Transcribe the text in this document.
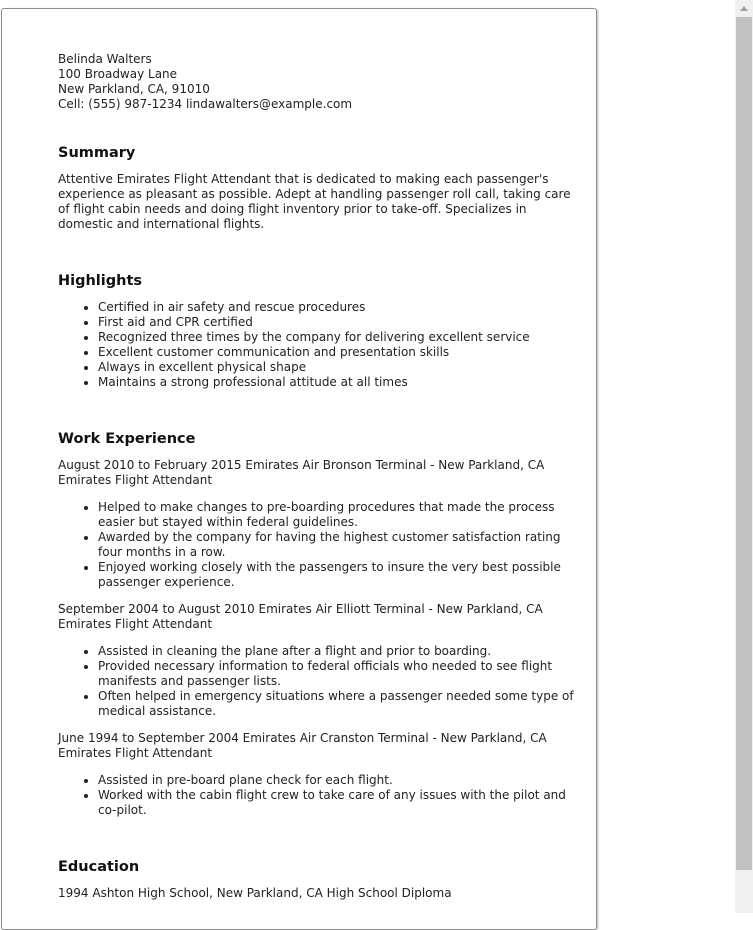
Belinda Walters
100 Broadway Lane
New Parkland, CA, 91010
Cell: (555) 987-1234 lindawalters@example.com
Summary

Attentive Emirates Flight Attendant that is dedicated to making each passenger's experience as pleasant as possible. Adept at handling passenger roll call, taking care of flight cabin needs and doing flight inventory prior to take-off. Specializes in domestic and international flights.

Highlights
• Certified in air safety and rescue procedures
• First aid and CPR certified
• Recognized three times by the company for delivering excellent service
• Excellent customer communication and presentation skills
• Always in excellent physical shape
• Maintains a strong professional attitude at all times
Work Experience

August 2010 to February 2015 Emirates Air Bronson Terminal - New Parkland, CA Emirates Flight Attendant

• Helped to make changes to pre-boarding procedures that made the process easier but stayed within federal guidelines.
• Awarded by the company for having the highest customer satisfaction rating four months in a row.
• Enjoyed working closely with the passengers to insure the very best possible passenger experience.

September 2004 to August 2010 Emirates Air Elliott Terminal - New Parkland, CA Emirates Flight Attendant

• Assisted in cleaning the plane after a flight and prior to boarding.
• Provided necessary information to federal officials who needed to see flight manifests and passenger lists.
• Often helped in emergency situations where a passenger needed some type of medical assistance.

June 1994 to September 2004 Emirates Air Cranston Terminal - New Parkland, CA Emirates Flight Attendant

• Assisted in pre-board plane check for each flight.
• Worked with the cabin flight crew to take care of any issues with the pilot and co-pilot.
Education

1994 Ashton High School, New Parkland, CA High School Diploma
